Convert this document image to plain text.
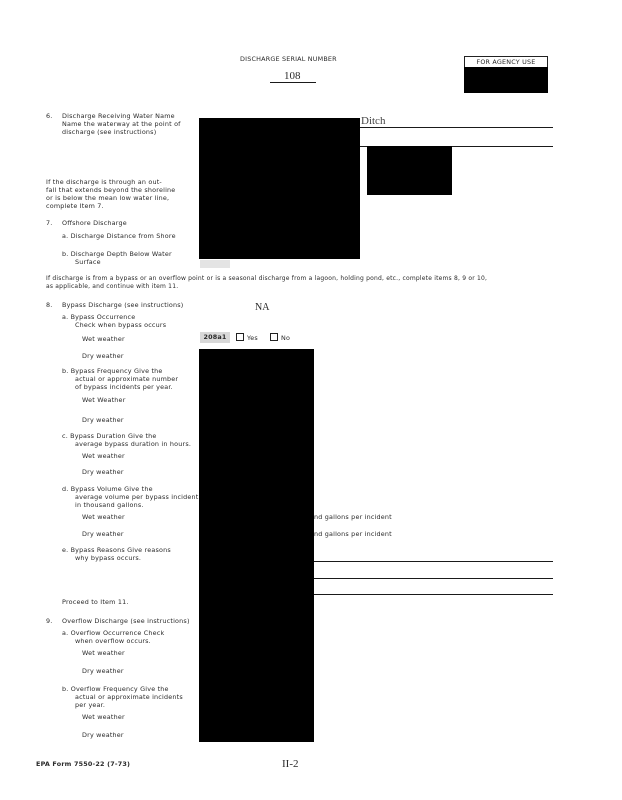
DISCHARGE SERIAL NUMBER
108
FOR AGENCY USE
6. Discharge Receiving Water Name
Name the waterway at the point of
discharge (see instructions)
Ditch
If the discharge is through an out-
fall that extends beyond the shoreline
or is below the mean low water line,
complete Item 7.
7. Offshore Discharge
a. Discharge Distance from Shore
b. Discharge Depth Below Water
Surface
If discharge is from a bypass or an overflow point or is a seasonal discharge from a lagoon, holding pond, etc., complete items 8, 9 or 10,
as applicable, and continue with item 11.
8. Bypass Discharge (see instructions)	NA
a. Bypass Occurrence
Check when bypass occurs
Wet weather	208a1	Yes	No
Dry weather
b. Bypass Frequency Give the
actual or approximate number
of bypass incidents per year.
Wet Weather
Dry weather
c. Bypass Duration Give the
average bypass duration in hours.
Wet weather
Dry weather
d. Bypass Volume Give the
average volume per bypass incident
in thousand gallons.
Wet weather	nd gallons per incident
Dry weather	nd gallons per incident
e. Bypass Reasons Give reasons
why bypass occurs.
Proceed to Item 11.
9. Overflow Discharge (see instructions)
a. Overflow Occurrence Check
when overflow occurs.
Wet weather
Dry weather
b. Overflow Frequency Give the
actual or approximate incidents
per year.
Wet weather
Dry weather
EPA Form 7550-22 (7-73)	II-2
